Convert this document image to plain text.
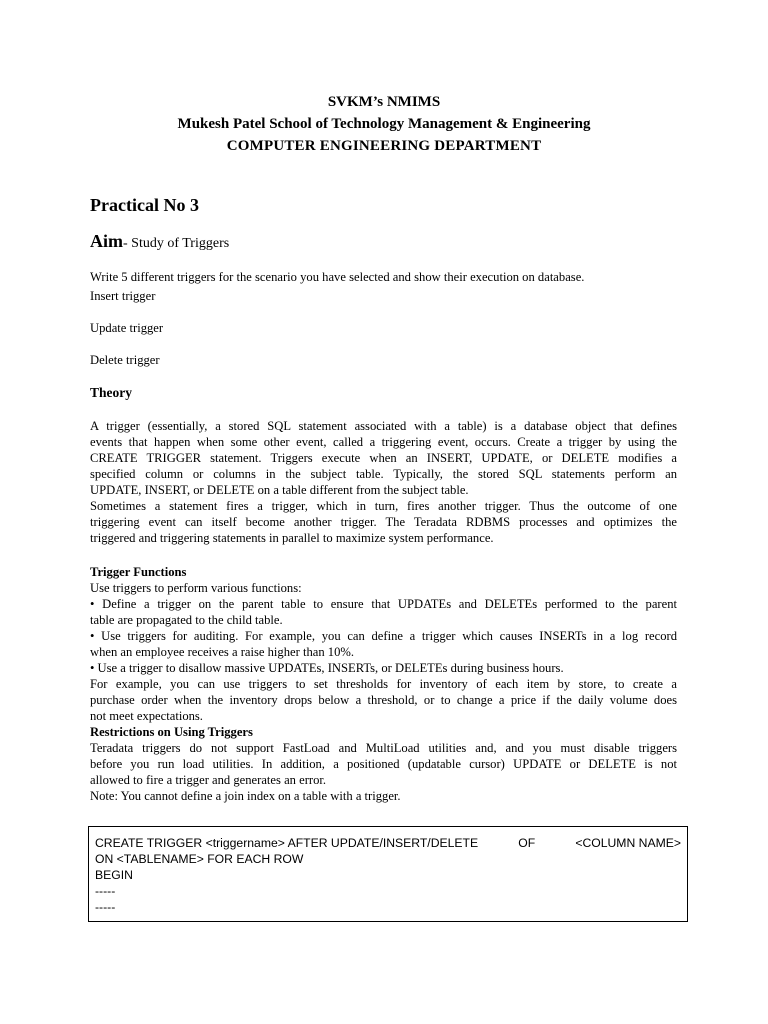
SVKM’s NMIMS
Mukesh Patel School of Technology Management & Engineering
COMPUTER ENGINEERING DEPARTMENT
Practical No 3
Aim- Study of Triggers
Write 5 different triggers for the scenario you have selected and show their execution on database.
Insert trigger
Update trigger
Delete trigger
Theory
A trigger (essentially, a stored SQL statement associated with a table) is a database object that defines
events that happen when some other event, called a triggering event, occurs. Create a trigger by using the
CREATE TRIGGER statement. Triggers execute when an INSERT, UPDATE, or DELETE modifies a
specified column or columns in the subject table. Typically, the stored SQL statements perform an
UPDATE, INSERT, or DELETE on a table different from the subject table.
Sometimes a statement fires a trigger, which in turn, fires another trigger. Thus the outcome of one
triggering event can itself become another trigger. The Teradata RDBMS processes and optimizes the
triggered and triggering statements in parallel to maximize system performance.
Trigger Functions
Use triggers to perform various functions:
• Define a trigger on the parent table to ensure that UPDATEs and DELETEs performed to the parent
table are propagated to the child table.
• Use triggers for auditing. For example, you can define a trigger which causes INSERTs in a log record
when an employee receives a raise higher than 10%.
• Use a trigger to disallow massive UPDATEs, INSERTs, or DELETEs during business hours.
For example, you can use triggers to set thresholds for inventory of each item by store, to create a
purchase order when the inventory drops below a threshold, or to change a price if the daily volume does
not meet expectations.
Restrictions on Using Triggers
Teradata triggers do not support FastLoad and MultiLoad utilities and, and you must disable triggers
before you run load utilities. In addition, a positioned (updatable cursor) UPDATE or DELETE is not
allowed to fire a trigger and generates an error.
Note: You cannot define a join index on a table with a trigger.
CREATE TRIGGER <triggername> AFTER UPDATE/INSERT/DELETE	OF	<COLUMN NAME>
ON <TABLENAME> FOR EACH ROW
BEGIN
-----
-----
